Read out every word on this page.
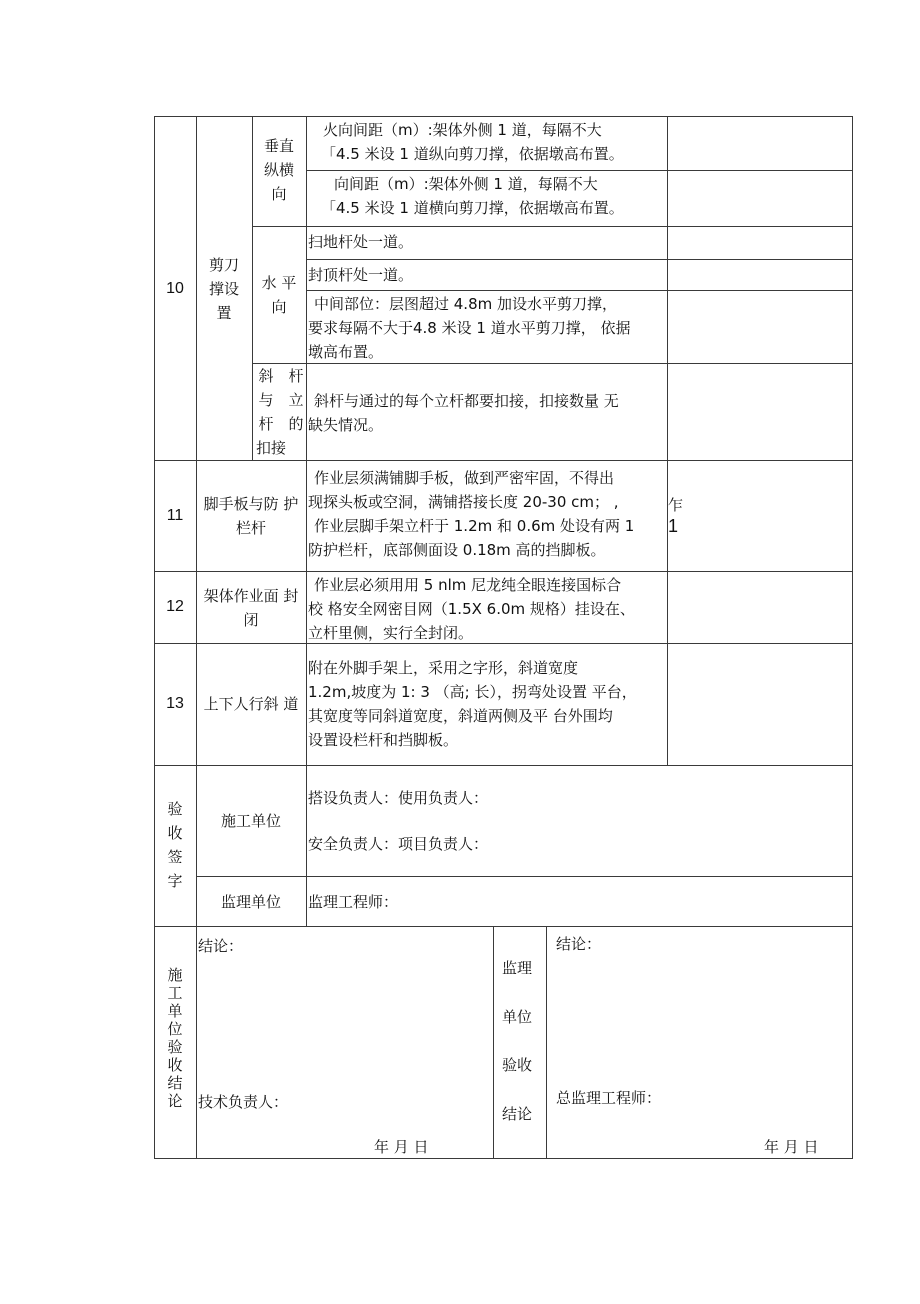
10
剪刀
撑设
置
垂直
纵横
向
火向间距（m）:架体外侧 1 道，每隔不大
「4.5 米设 1 道纵向剪刀撑，依据墩高布置。
向间距（m）:架体外侧 1 道，每隔不大
「4.5 米设 1 道横向剪刀撑，依据墩高布置。
水 平
向
扫地杆处一道。
封顶杆处一道。
中间部位：层图超过 4.8m 加设水平剪刀撑，
要求每隔不大于4.8 米设 1 道水平剪刀撑， 依据
墩高布置。
斜　杆
与　立
杆　的
扣接
斜杆与通过的每个立杆都要扣接，扣接数量 无
缺失情况。
11
脚手板与防 护
栏杆
作业层须满铺脚手板，做到严密牢固，不得出
现探头板或空洞，满铺搭接长度 20-30 cm； ,
作业层脚手架立杆于 1.2m 和 0.6m 处设有两 1
防护栏杆，底部侧面设 0.18m 高的挡脚板。
乍
1
12
架体作业面 封
闭
作业层必须用用 5 nlm 尼龙纯全眼连接国标合
校 格安全网密目网（1.5X 6.0m 规格）挂设在、
立杆里侧，实行全封闭。
13	上下人行斜 道
附在外脚手架上，采用之字形，斜道宽度
1.2m,坡度为 1: 3 （高; 长），拐弯处设置 平台，
其宽度等同斜道宽度，斜道两侧及平 台外围均
设置设栏杆和挡脚板。
验
收
签
字
施工单位
搭设负责人：使用负责人：
安全负责人：项目负责人：
监理单位	监理工程师：
施
工
单
位
验
收
结
论
结论：
技术负责人：
年 月 日
监理
单位
验收
结论
结论：
总监理工程师：
年 月 日
